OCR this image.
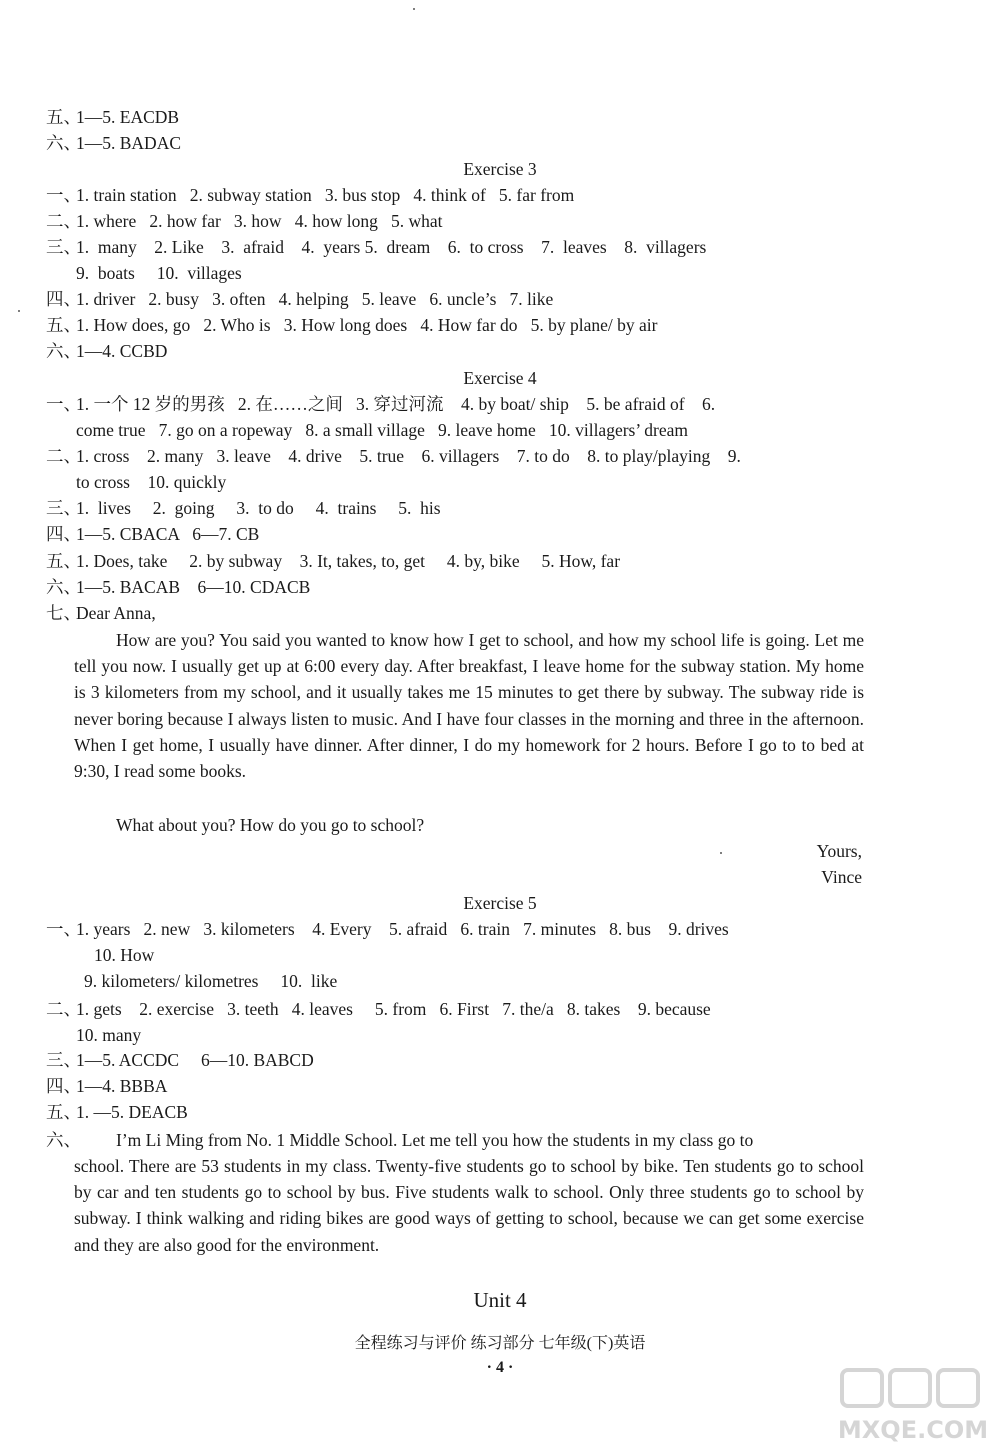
五、
1—5. EACDB
六、
1—5. BADAC
Exercise 3
一、
1. train station   2. subway station   3. bus stop   4. think of   5. far from
二、
1. where   2. how far   3. how   4. how long   5. what
三、
1.  many    2. Like    3.  afraid    4.  years 5.  dream    6.  to cross    7.  leaves    8.  villagers
9.  boats     10.  villages
四、
1. driver   2. busy   3. often   4. helping   5. leave   6. uncle’s   7. like
五、
1. How does, go   2. Who is   3. How long does   4. How far do   5. by plane/ by air
六、
1—4. CCBD
Exercise 4
一、
1. 一个 12 岁的男孩   2. 在……之间   3. 穿过河流    4. by boat/ ship    5. be afraid of    6.
come true   7. go on a ropeway   8. a small village   9. leave home   10. villagers’ dream
二、
1. cross    2. many   3. leave    4. drive    5. true    6. villagers    7. to do    8. to play/playing    9.
to cross    10. quickly
三、
1.  lives     2.  going     3.  to do     4.  trains     5.  his
四、
1—5. CBACA   6—7. CB
五、
1. Does, take     2. by subway    3. It, takes, to, get     4. by, bike     5. How, far
六、
1—5. BACAB    6—10. CDACB
七、
Dear Anna,
How are you? You said you wanted to know how I get to school, and how my school life is going. Let me tell you now. I usually get up at 6:00 every day. After breakfast, I leave home for the subway station. My home is 3 kilometers from my school, and it usually takes me 15 minutes to get there by subway. The subway ride is never boring because I always listen to music. And I have four classes in the morning and three in the afternoon. When I get home, I usually have dinner. After dinner, I do my homework for 2 hours. Before I go to to bed at 9:30, I read some books.
What about you? How do you go to school?
Yours,
Vince
Exercise 5
一、
1. years   2. new   3. kilometers    4. Every    5. afraid   6. train   7. minutes   8. bus    9. drives
10. How
9. kilometers/ kilometres     10.  like
二、
1. gets    2. exercise   3. teeth   4. leaves     5. from   6. First   7. the/a   8. takes    9. because
10. many
三、
1—5. ACCDC     6—10. BABCD
四、
1—4. BBBA
五、
1. —5. DEACB
六、 I’m Li Ming from No. 1 Middle School. Let me tell you how the students in my class go to
school. There are 53 students in my class. Twenty-five students go to school by bike. Ten students go to school by car and ten students go to school by bus. Five students walk to school. Only three students go to school by subway. I think walking and riding bikes are good ways of getting to school, because we can get some exercise and they are also good for the environment.
Unit 4
全程练习与评价 练习部分 七年级(下)英语
· 4 ·
MXQE.COM
